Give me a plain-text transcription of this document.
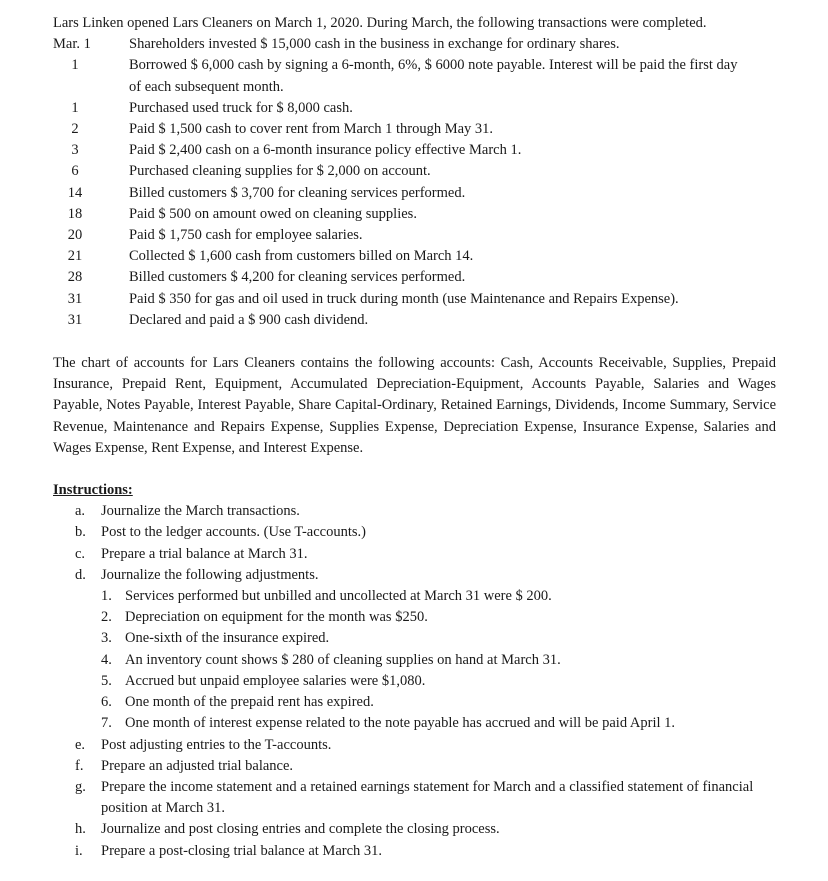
Lars Linken opened Lars Cleaners on March 1, 2020. During March, the following transactions were completed.

Mar. 1	Shareholders invested $ 15,000 cash in the business in exchange for ordinary shares.
1	Borrowed $ 6,000 cash by signing a 6-month, 6%, $ 6000 note payable. Interest will be paid the first day of each subsequent month.
1	Purchased used truck for $ 8,000 cash.
2	Paid $ 1,500 cash to cover rent from March 1 through May 31.
3	Paid $ 2,400 cash on a 6-month insurance policy effective March 1.
6	Purchased cleaning supplies for $ 2,000 on account.
14	Billed customers $ 3,700 for cleaning services performed.
18	Paid $ 500 on amount owed on cleaning supplies.
20	Paid $ 1,750 cash for employee salaries.
21	Collected $ 1,600 cash from customers billed on March 14.
28	Billed customers $ 4,200 for cleaning services performed.
31	Paid $ 350 for gas and oil used in truck during month (use Maintenance and Repairs Expense).
31	Declared and paid a $ 900 cash dividend.

The chart of accounts for Lars Cleaners contains the following accounts: Cash, Accounts Receivable, Supplies, Prepaid Insurance, Prepaid Rent, Equipment, Accumulated Depreciation-Equipment, Accounts Payable, Salaries and Wages Payable, Notes Payable, Interest Payable, Share Capital-Ordinary, Retained Earnings, Dividends, Income Summary, Service Revenue, Maintenance and Repairs Expense, Supplies Expense, Depreciation Expense, Insurance Expense, Salaries and Wages Expense, Rent Expense, and Interest Expense.

Instructions:
a.	Journalize the March transactions.
b.	Post to the ledger accounts. (Use T-accounts.)
c.	Prepare a trial balance at March 31.
d.	Journalize the following adjustments.
1. Services performed but unbilled and uncollected at March 31 were $ 200.
2. Depreciation on equipment for the month was $250.
3. One-sixth of the insurance expired.
4. An inventory count shows $ 280 of cleaning supplies on hand at March 31.
5. Accrued but unpaid employee salaries were $1,080.
6. One month of the prepaid rent has expired.
7. One month of interest expense related to the note payable has accrued and will be paid April 1.
e.	Post adjusting entries to the T-accounts.
f.	Prepare an adjusted trial balance.
g.	Prepare the income statement and a retained earnings statement for March and a classified statement of financial position at March 31.
h.	Journalize and post closing entries and complete the closing process.
i.	Prepare a post-closing trial balance at March 31.
